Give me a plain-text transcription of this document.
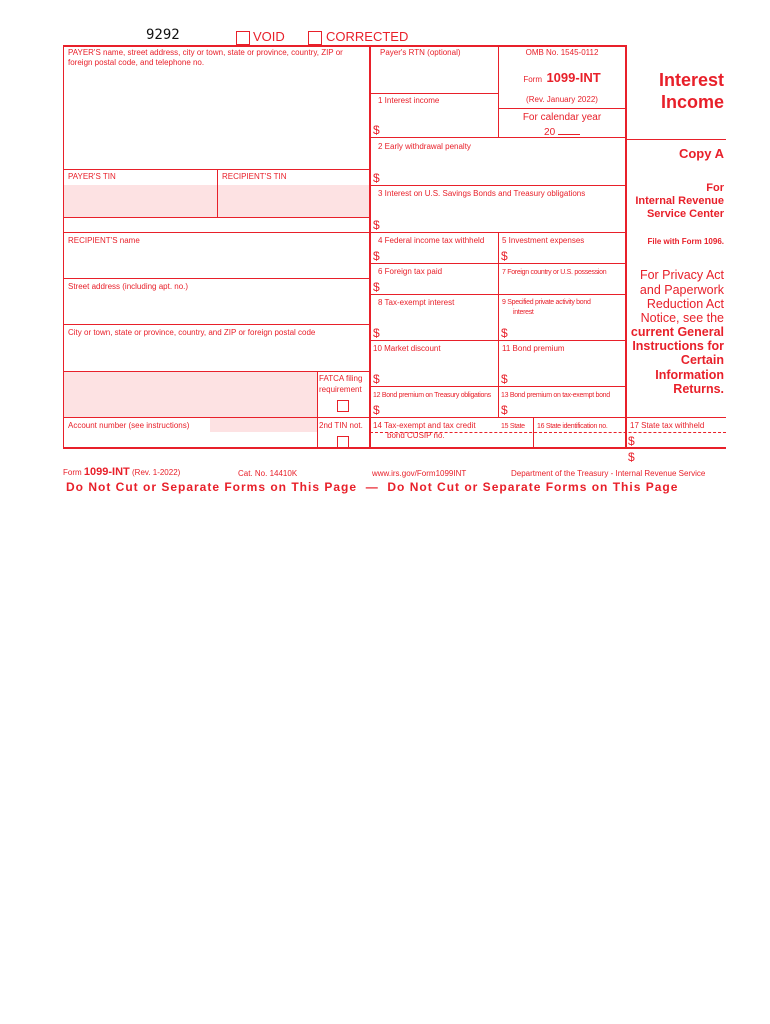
9292	VOID	CORRECTED
PAYER'S name, street address, city or town, state or province, country, ZIP or foreign postal code, and telephone no.
PAYER'S TIN	RECIPIENT'S TIN
RECIPIENT'S name
Street address (including apt. no.)
City or town, state or province, country, and ZIP or foreign postal code
FATCA filing
requirement
Account number (see instructions)	2nd TIN not.
Payer's RTN (optional)
1 Interest income
$
2 Early withdrawal penalty
$
3 Interest on U.S. Savings Bonds and Treasury obligations
$
4 Federal income tax withheld
$
5 Investment expenses
$
6 Foreign tax paid
$
7 Foreign country or U.S. possession
8 Tax-exempt interest
$
9 Specified private activity bond
interest
$
10 Market discount
$
11 Bond premium
$
12 Bond premium on Treasury obligations
$
13 Bond premium on tax-exempt bond
$
14 Tax-exempt and tax credit
bond CUSIP no.
15 State 16 State identification no.	17 State tax withheld
$
$
OMB No. 1545-0112
Form 1099-INT
(Rev. January 2022)
For calendar year
20
Interest
Income
Copy A
For
Internal Revenue
Service Center
File with Form 1096.
For Privacy Act
and Paperwork
Reduction Act
Notice, see the
current General
Instructions for
Certain
Information
Returns.
Form 1099-INT (Rev. 1-2022)	Cat. No. 14410K	www.irs.gov/Form1099INT	Department of the Treasury - Internal Revenue Service
Do Not Cut or Separate Forms on This Page  —  Do Not Cut or Separate Forms on This Page
